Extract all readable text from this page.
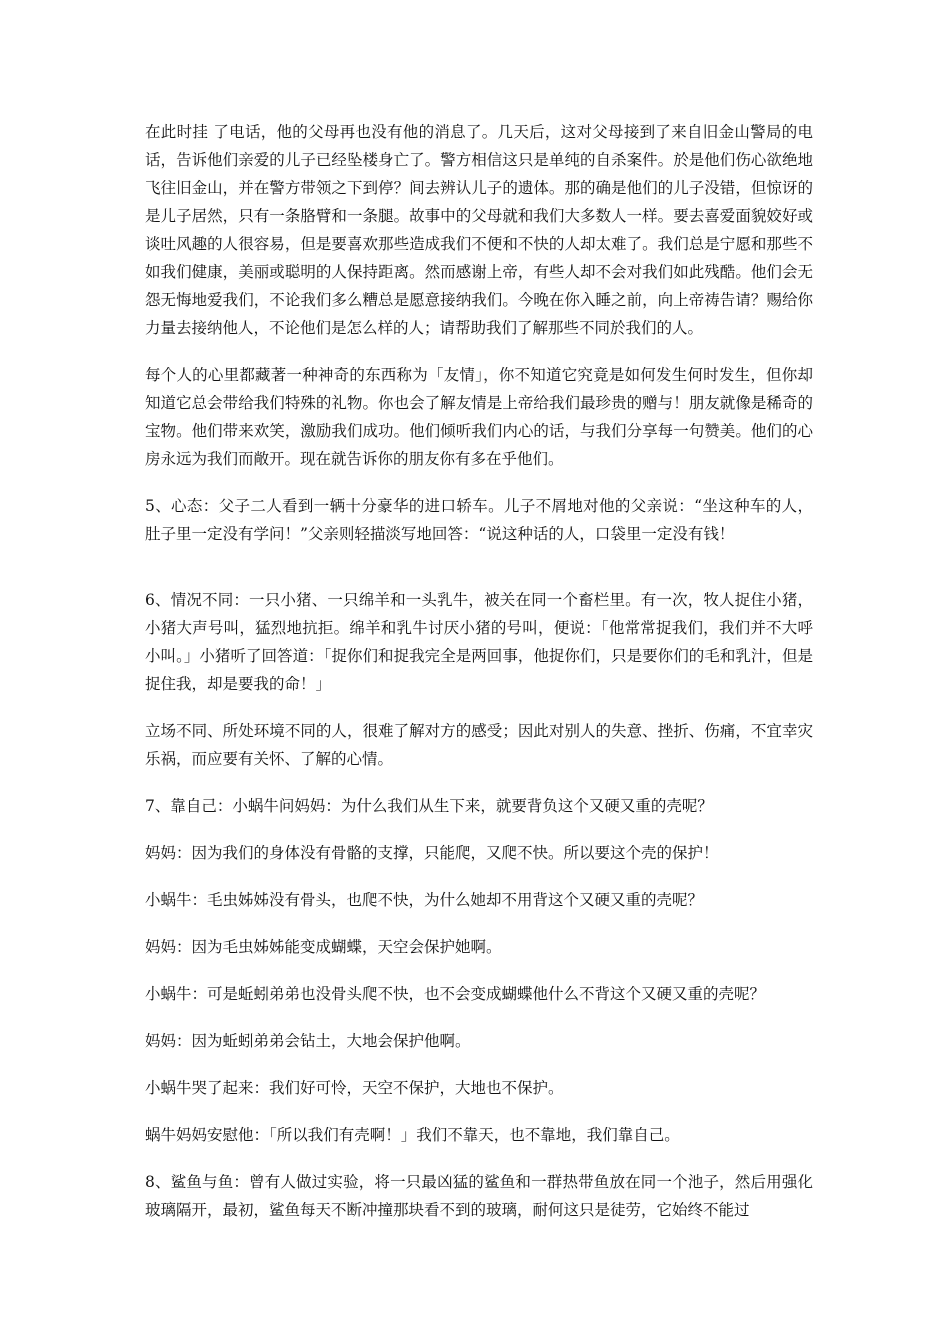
在此时挂 了电话，他的父母再也没有他的消息了。几天后，这对父母接到了来自旧金山警局的电话，告诉他们亲爱的儿子已经坠楼身亡了。警方相信这只是单纯的自杀案件。於是他们伤心欲绝地飞往旧金山，并在警方带领之下到停？间去辨认儿子的遗体。那的确是他们的儿子没错，但惊讶的是儿子居然，只有一条胳臂和一条腿。故事中的父母就和我们大多数人一样。要去喜爱面貌姣好或谈吐风趣的人很容易，但是要喜欢那些造成我们不便和不快的人却太难了。我们总是宁愿和那些不如我们健康，美丽或聪明的人保持距离。然而感谢上帝，有些人却不会对我们如此残酷。他们会无怨无悔地爱我们，不论我们多么糟总是愿意接纳我们。今晚在你入睡之前，向上帝祷告请？赐给你力量去接纳他人，不论他们是怎么样的人；请帮助我们了解那些不同於我们的人。

每个人的心里都藏著一种神奇的东西称为「友情」，你不知道它究竟是如何发生何时发生，但你却知道它总会带给我们特殊的礼物。你也会了解友情是上帝给我们最珍贵的赠与！朋友就像是稀奇的宝物。他们带来欢笑，激励我们成功。他们倾听我们内心的话，与我们分享每一句赞美。他们的心房永远为我们而敞开。现在就告诉你的朋友你有多在乎他们。

5、心态：父子二人看到一辆十分豪华的进口轿车。儿子不屑地对他的父亲说：“坐这种车的人，肚子里一定没有学问！”父亲则轻描淡写地回答：“说这种话的人，口袋里一定没有钱！

6、情况不同：一只小猪、一只绵羊和一头乳牛，被关在同一个畜栏里。有一次，牧人捉住小猪，小猪大声号叫，猛烈地抗拒。绵羊和乳牛讨厌小猪的号叫，便说：「他常常捉我们，我们并不大呼小叫。」小猪听了回答道：「捉你们和捉我完全是两回事，他捉你们，只是要你们的毛和乳汁，但是捉住我，却是要我的命！」

立场不同、所处环境不同的人，很难了解对方的感受；因此对别人的失意、挫折、伤痛，不宜幸灾乐祸，而应要有关怀、了解的心情。

7、靠自己：小蜗牛问妈妈：为什么我们从生下来，就要背负这个又硬又重的壳呢？

妈妈：因为我们的身体没有骨骼的支撑，只能爬，又爬不快。所以要这个壳的保护！

小蜗牛：毛虫姊姊没有骨头，也爬不快，为什么她却不用背这个又硬又重的壳呢？

妈妈：因为毛虫姊姊能变成蝴蝶，天空会保护她啊。

小蜗牛：可是蚯蚓弟弟也没骨头爬不快，也不会变成蝴蝶他什么不背这个又硬又重的壳呢？

妈妈：因为蚯蚓弟弟会钻土，大地会保护他啊。

小蜗牛哭了起来：我们好可怜，天空不保护，大地也不保护。

蜗牛妈妈安慰他：「所以我们有壳啊！」我们不靠天，也不靠地，我们靠自己。

8、鲨鱼与鱼：曾有人做过实验，将一只最凶猛的鲨鱼和一群热带鱼放在同一个池子，然后用强化玻璃隔开，最初，鲨鱼每天不断冲撞那块看不到的玻璃，耐何这只是徒劳，它始终不能过
